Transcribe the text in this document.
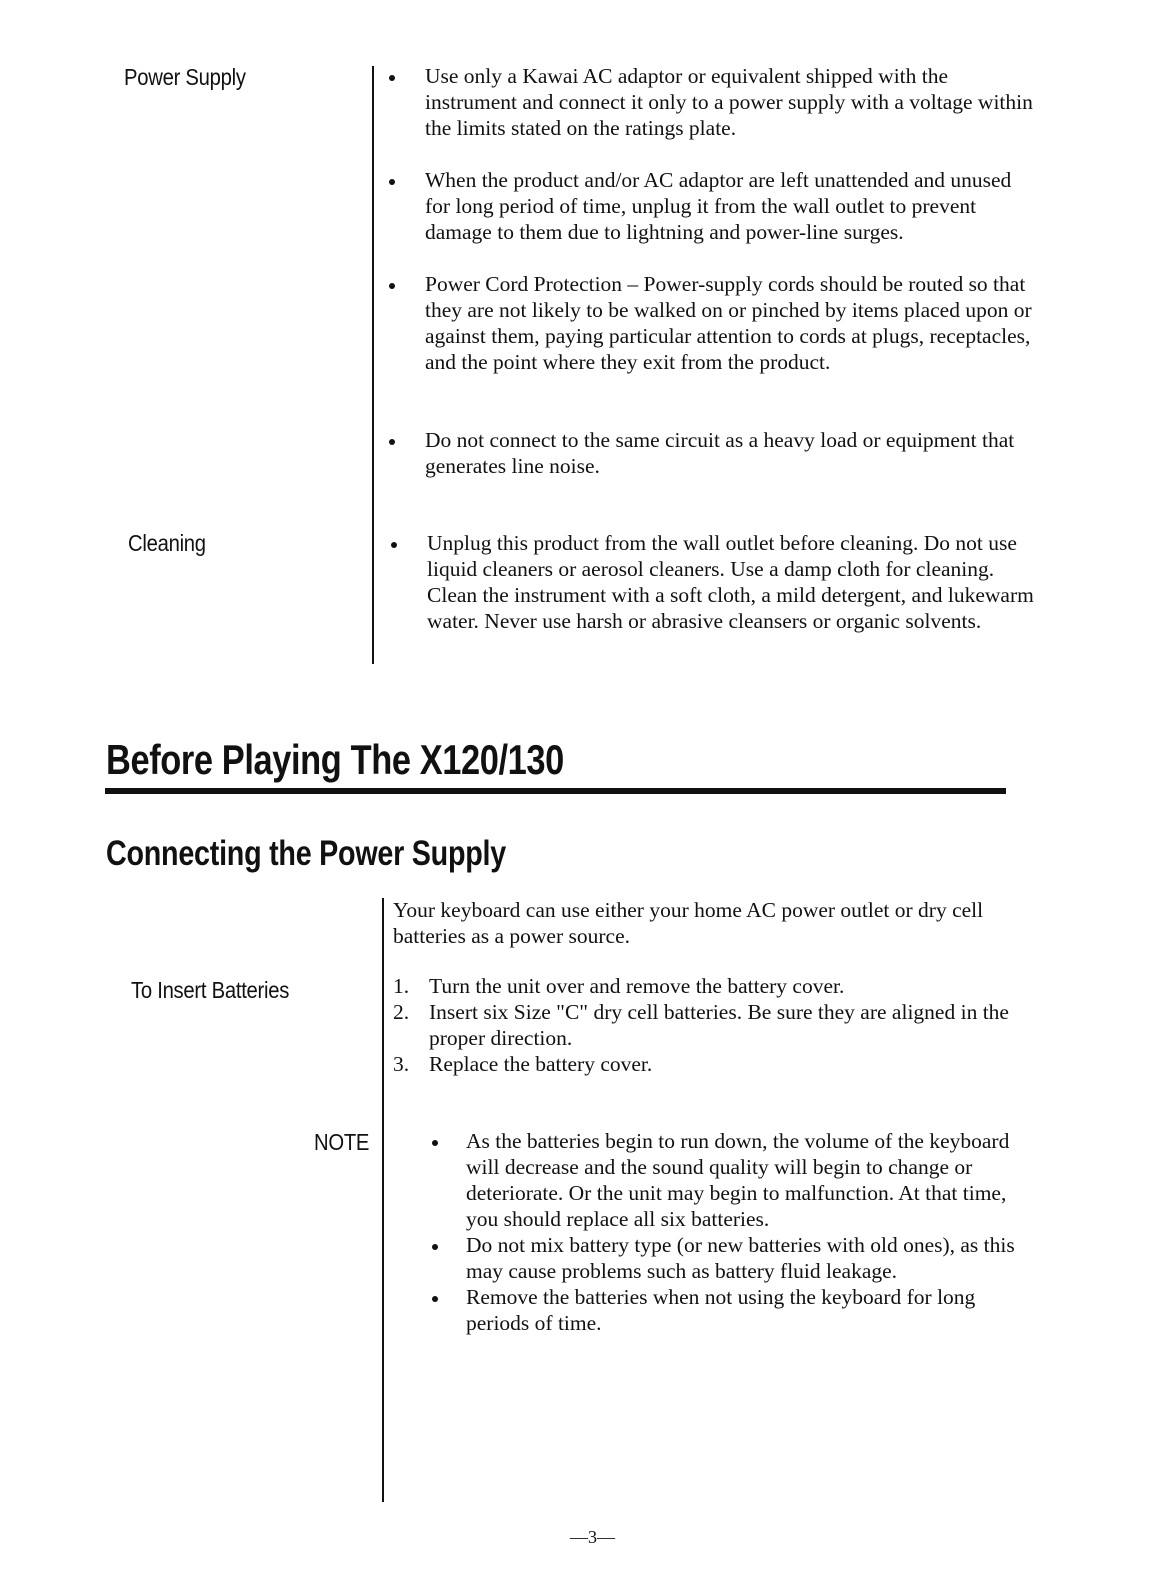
Power Supply	Use only a Kawai AC adaptor or equivalent shipped with the instrument and connect it only to a power supply with a voltage within the limits stated on the ratings plate.
When the product and/or AC adaptor are left unattended and unused for long period of time, unplug it from the wall outlet to prevent damage to them due to lightning and power-line surges.
Power Cord Protection – Power-supply cords should be routed so that they are not likely to be walked on or pinched by items placed upon or against them, paying particular attention to cords at plugs, receptacles, and the point where they exit from the product.
Do not connect to the same circuit as a heavy load or equipment that generates line noise.
Cleaning	Unplug this product from the wall outlet before cleaning. Do not use liquid cleaners or aerosol cleaners. Use a damp cloth for cleaning. Clean the instrument with a soft cloth, a mild detergent, and lukewarm water. Never use harsh or abrasive cleansers or organic solvents.
Before Playing The X120/130
Connecting the Power Supply
Your keyboard can use either your home AC power outlet or dry cell batteries as a power source.
To Insert Batteries	1. Turn the unit over and remove the battery cover.
2. Insert six Size "C" dry cell batteries. Be sure they are aligned in the proper direction.
3. Replace the battery cover.
NOTE	As the batteries begin to run down, the volume of the keyboard will decrease and the sound quality will begin to change or deteriorate. Or the unit may begin to malfunction. At that time, you should replace all six batteries.
Do not mix battery type (or new batteries with old ones), as this may cause problems such as battery fluid leakage.
Remove the batteries when not using the keyboard for long periods of time.
—3—
